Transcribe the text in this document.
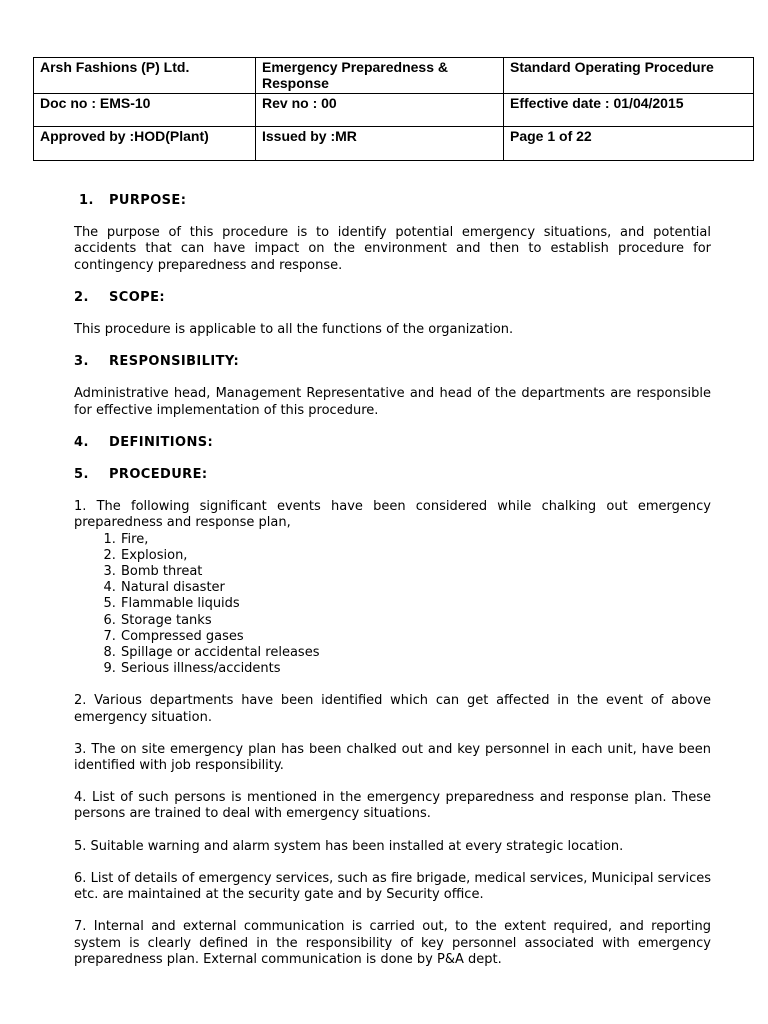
Arsh Fashions (P) Ltd.	Emergency Preparedness & Response	Standard Operating Procedure
Doc no : EMS-10	Rev no : 00	Effective date : 01/04/2015
Approved by :HOD(Plant)	Issued by :MR	Page 1 of 22
1. PURPOSE:

The purpose of this procedure is to identify potential emergency situations, and potential accidents that can have impact on the environment and then to establish procedure for contingency preparedness and response.

2. SCOPE:

This procedure is applicable to all the functions of the organization.

3. RESPONSIBILITY:

Administrative head, Management Representative and head of the departments are responsible for effective implementation of this procedure.

4. DEFINITIONS:
5. PROCEDURE:

1. The following significant events have been considered while chalking out emergency preparedness and response plan,

1. Fire,
2. Explosion,
3. Bomb threat
4. Natural disaster
5. Flammable liquids
6. Storage tanks
7. Compressed gases
8. Spillage or accidental releases
9. Serious illness/accidents

2. Various departments have been identified which can get affected in the event of above emergency situation.

3. The on site emergency plan has been chalked out and key personnel in each unit, have been identified with job responsibility.

4. List of such persons is mentioned in the emergency preparedness and response plan. These persons are trained to deal with emergency situations.

5. Suitable warning and alarm system has been installed at every strategic location.

6. List of details of emergency services, such as fire brigade, medical services, Municipal services etc. are maintained at the security gate and by Security office.

7. Internal and external communication is carried out, to the extent required, and reporting system is clearly defined in the responsibility of key personnel associated with emergency preparedness plan. External communication is done by P&A dept.
